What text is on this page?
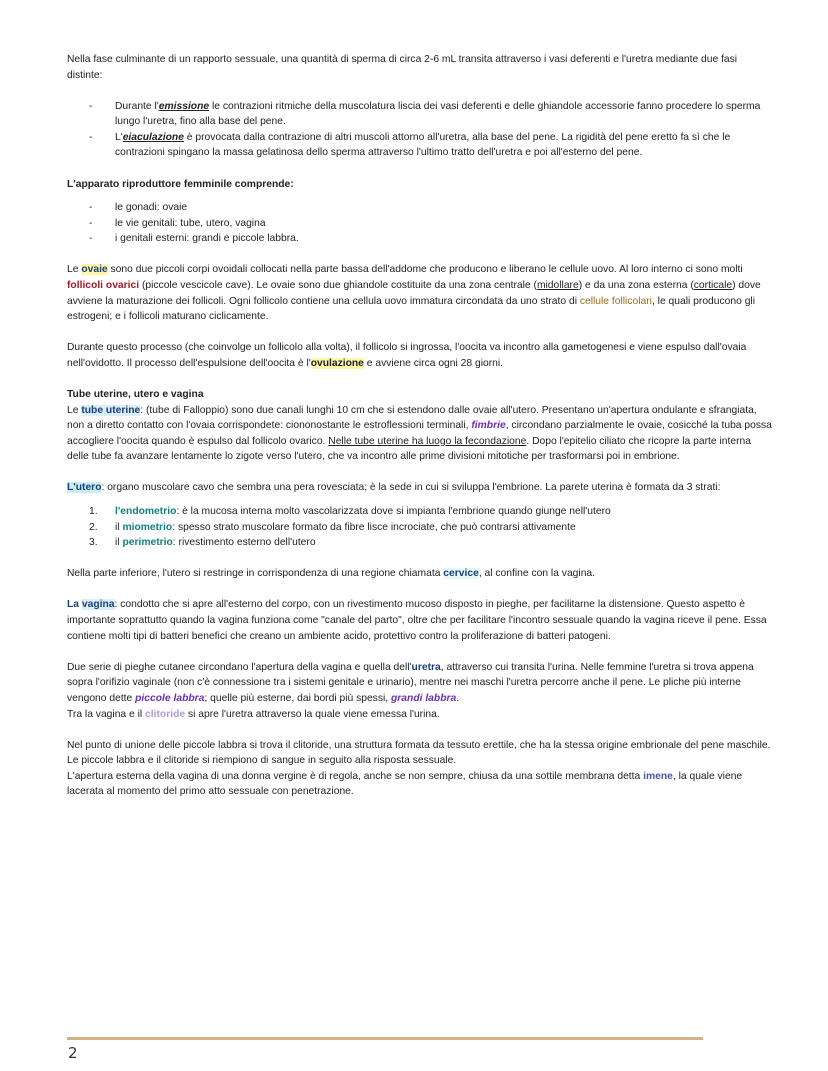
Nella fase culminante di un rapporto sessuale, una quantità di sperma di circa 2-6 mL transita attraverso i vasi deferenti e l'uretra mediante due fasi distinte:

- Durante l'emissione le contrazioni ritmiche della muscolatura liscia dei vasi deferenti e delle ghiandole accessorie fanno procedere lo sperma lungo l'uretra, fino alla base del pene.
- L'eiaculazione è provocata dalla contrazione di altri muscoli attorno all'uretra, alla base del pene. La rigidità del pene eretto fa sì che le contrazioni spingano la massa gelatinosa dello sperma attraverso l'ultimo tratto dell'uretra e poi all'esterno del pene.

L'apparato riproduttore femminile comprende:

- le gonadi: ovaie
- le vie genitali: tube, utero, vagina
- i genitali esterni: grandi e piccole labbra.

Le ovaie sono due piccoli corpi ovoidali collocati nella parte bassa dell'addome che producono e liberano le cellule uovo. Al loro interno ci sono molti follicoli ovarici (piccole vescicole cave). Le ovaie sono due ghiandole costituite da una zona centrale (midollare) e da una zona esterna (corticale) dove avviene la maturazione dei follicoli. Ogni follicolo contiene una cellula uovo immatura circondata da uno strato di cellule follicolari, le quali producono gli estrogeni; e i follicoli maturano ciclicamente.

Durante questo processo (che coinvolge un follicolo alla volta), il follicolo si ingrossa, l'oocita va incontro alla gametogenesi e viene espulso dall'ovaia nell'ovidotto. Il processo dell'espulsione dell'oocita è l'ovulazione e avviene circa ogni 28 giorni.

Tube uterine, utero e vagina

Le tube uterine: (tube di Falloppio) sono due canali lunghi 10 cm che si estendono dalle ovaie all'utero. Presentano un'apertura ondulante e sfrangiata, non a diretto contatto con l'ovaia corrispondete: ciononostante le estroflessioni terminali, fimbrie, circondano parzialmente le ovaie, cosicché la tuba possa accogliere l'oocita quando è espulso dal follicolo ovarico. Nelle tube uterine ha luogo la fecondazione. Dopo l'epitelio ciliato che ricopre la parte interna delle tube fa avanzare lentamente lo zigote verso l'utero, che va incontro alle prime divisioni mitotiche per trasformarsi poi in embrione.

L'utero: organo muscolare cavo che sembra una pera rovesciata; è la sede in cui si sviluppa l'embrione. La parete uterina è formata da 3 strati:

1. l'endometrio: è la mucosa interna molto vascolarizzata dove si impianta l'embrione quando giunge nell'utero
2. il miometrio: spesso strato muscolare formato da fibre lisce incrociate, che può contrarsi attivamente
3. il perimetrio: rivestimento esterno dell'utero

Nella parte inferiore, l'utero si restringe in corrispondenza di una regione chiamata cervice, al confine con la vagina.

La vagina: condotto che si apre all'esterno del corpo, con un rivestimento mucoso disposto in pieghe, per facilitarne la distensione. Questo aspetto è importante soprattutto quando la vagina funziona come "canale del parto", oltre che per facilitare l'incontro sessuale quando la vagina riceve il pene. Essa contiene molti tipi di batteri benefici che creano un ambiente acido, protettivo contro la proliferazione di batteri patogeni.

Due serie di pieghe cutanee circondano l'apertura della vagina e quella dell'uretra, attraverso cui transita l'urina. Nelle femmine l'uretra si trova appena sopra l'orifizio vaginale (non c'è connessione tra i sistemi genitale e urinario), mentre nei maschi l'uretra percorre anche il pene. Le pliche più interne vengono dette piccole labbra; quelle più esterne, dai bordi più spessi, grandi labbra.

Tra la vagina e il clitoride si apre l'uretra attraverso la quale viene emessa l'urina.

Nel punto di unione delle piccole labbra si trova il clitoride, una struttura formata da tessuto erettile, che ha la stessa origine embrionale del pene maschile. Le piccole labbra e il clitoride si riempiono di sangue in seguito alla risposta sessuale.

L'apertura esterna della vagina di una donna vergine è di regola, anche se non sempre, chiusa da una sottile membrana detta imene, la quale viene lacerata al momento del primo atto sessuale con penetrazione.

2
